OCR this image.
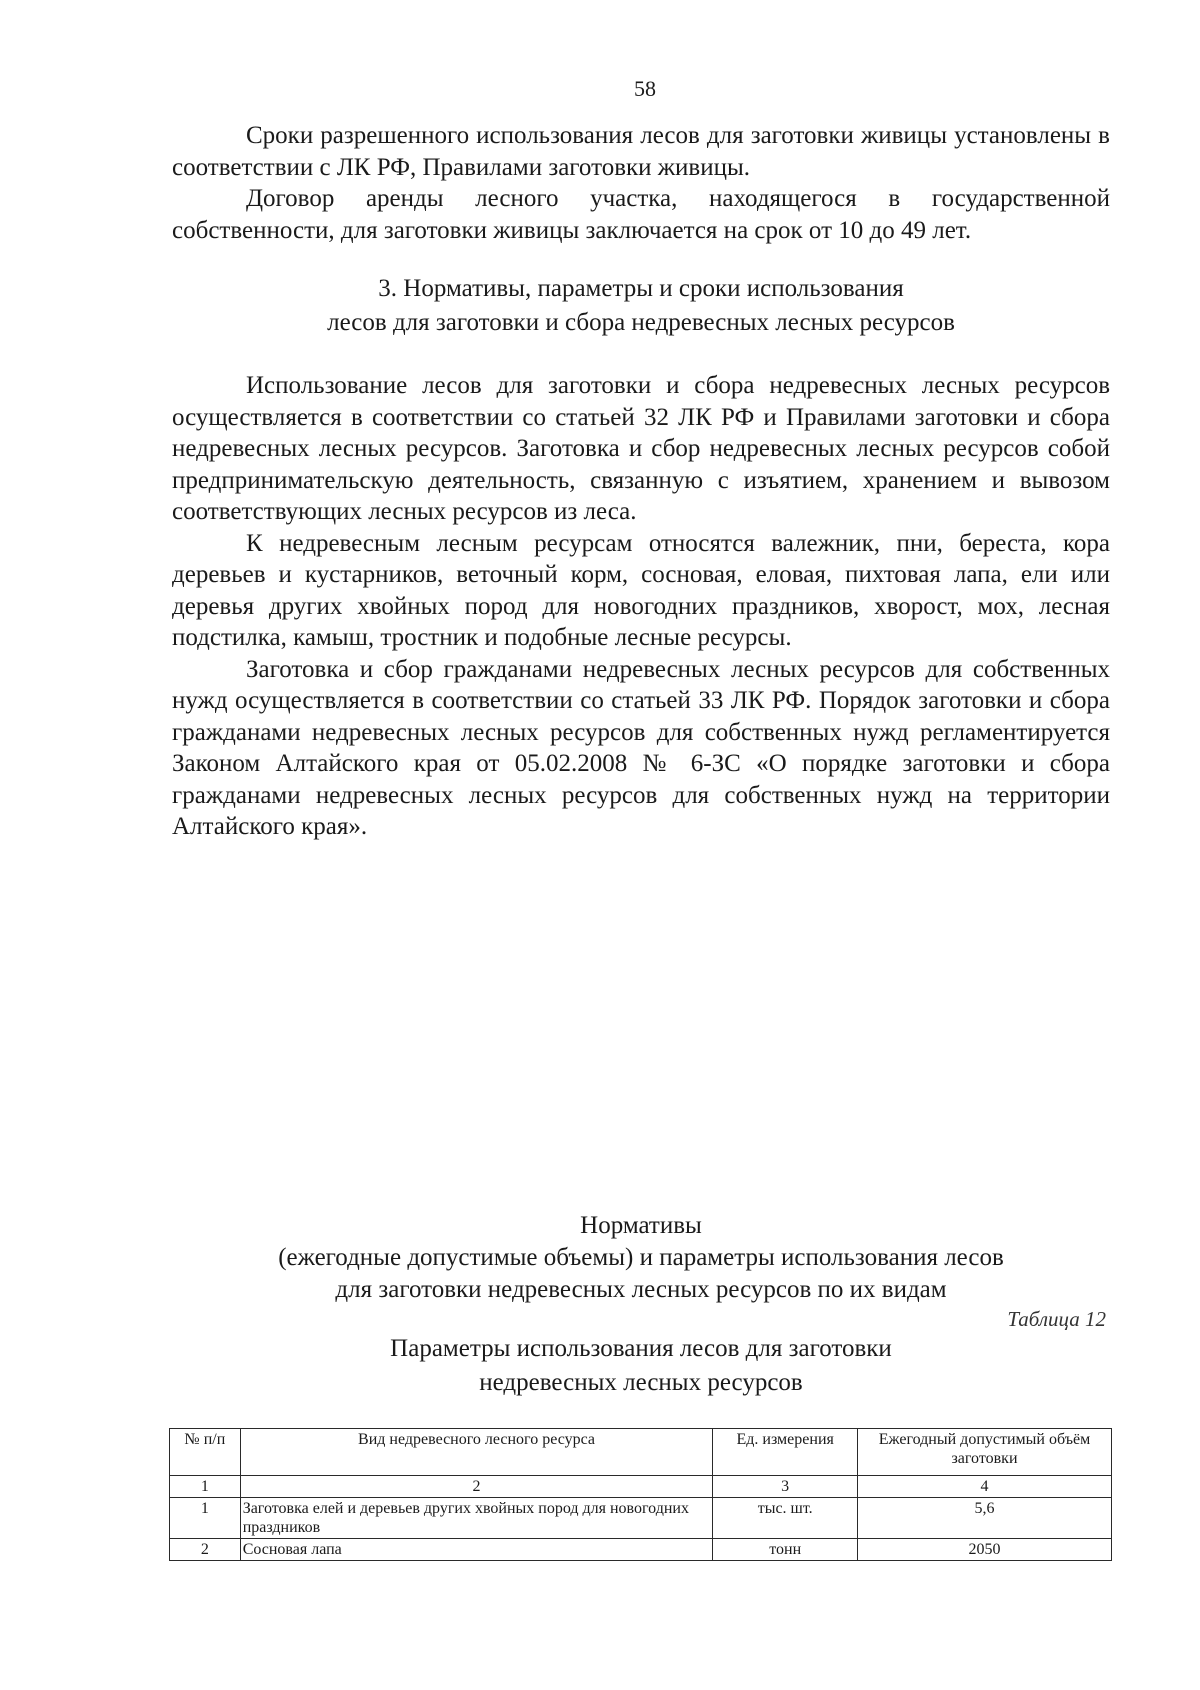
58

Сроки разрешенного использования лесов для заготовки живицы установлены в соответствии с ЛК РФ, Правилами заготовки живицы.

Договор аренды лесного участка, находящегося в государственной собственности, для заготовки живицы заключается на срок от 10 до 49 лет.

3. Нормативы, параметры и сроки использования
лесов для заготовки и сбора недревесных лесных ресурсов

Использование лесов для заготовки и сбора недревесных лесных ресурсов осуществляется в соответствии со статьей 32 ЛК РФ и Правилами заготовки и сбора недревесных лесных ресурсов. Заготовка и сбор недревесных лесных ресурсов собой предпринимательскую деятельность, связанную с изъятием, хранением и вывозом соответствующих лесных ресурсов из леса.

К недревесным лесным ресурсам относятся валежник, пни, береста, кора деревьев и кустарников, веточный корм, сосновая, еловая, пихтовая лапа, ели или деревья других хвойных пород для новогодних праздников, хворост, мох, лесная подстилка, камыш, тростник и подобные лесные ресурсы.

Заготовка и сбор гражданами недревесных лесных ресурсов для собственных нужд осуществляется в соответствии со статьей 33 ЛК РФ. Порядок заготовки и сбора гражданами недревесных лесных ресурсов для собственных нужд регламентируется Законом Алтайского края от 05.02.2008 № 6-ЗС «О порядке заготовки и сбора гражданами недревесных лесных ресурсов для собственных нужд на территории Алтайского края».

Нормативы
(ежегодные допустимые объемы) и параметры использования лесов
для заготовки недревесных лесных ресурсов по их видам
Таблица 12
Параметры использования лесов для заготовки
недревесных лесных ресурсов
№ п/п	Вид недревесного лесного ресурса	Ед. измерения	Ежегодный допустимый объём заготовки
1	2	3	4
1	Заготовка елей и деревьев других хвойных пород для новогодних праздников	тыс. шт.	5,6
2	Сосновая лапа	тонн	2050
